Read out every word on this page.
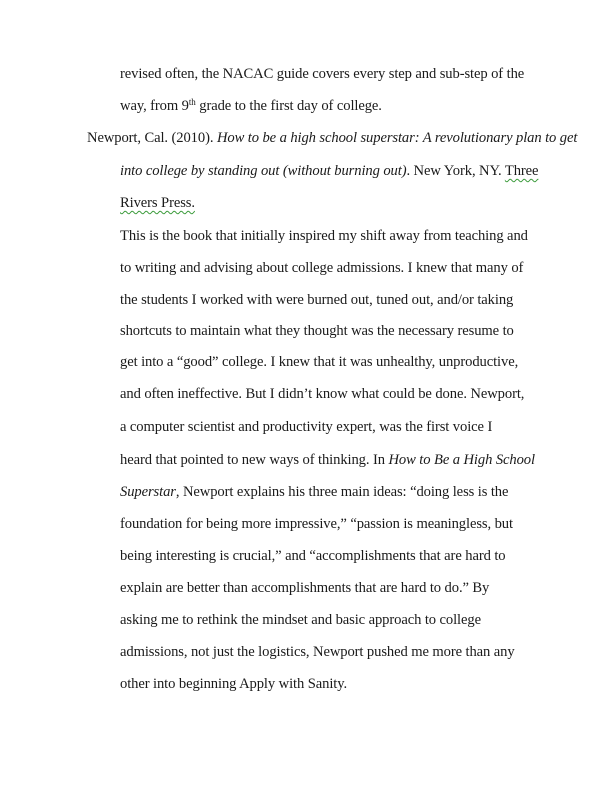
revised often, the NACAC guide covers every step and sub-step of the
way, from 9th grade to the first day of college.
Newport, Cal. (2010). How to be a high school superstar: A revolutionary plan to get
into college by standing out (without burning out). New York, NY. Three
Rivers Press.
This is the book that initially inspired my shift away from teaching and
to writing and advising about college admissions. I knew that many of
the students I worked with were burned out, tuned out, and/or taking
shortcuts to maintain what they thought was the necessary resume to
get into a “good” college. I knew that it was unhealthy, unproductive,
and often ineffective. But I didn’t know what could be done. Newport,
a computer scientist and productivity expert, was the first voice I
heard that pointed to new ways of thinking. In How to Be a High School
Superstar, Newport explains his three main ideas: “doing less is the
foundation for being more impressive,” “passion is meaningless, but
being interesting is crucial,” and “accomplishments that are hard to
explain are better than accomplishments that are hard to do.” By
asking me to rethink the mindset and basic approach to college
admissions, not just the logistics, Newport pushed me more than any
other into beginning Apply with Sanity.
